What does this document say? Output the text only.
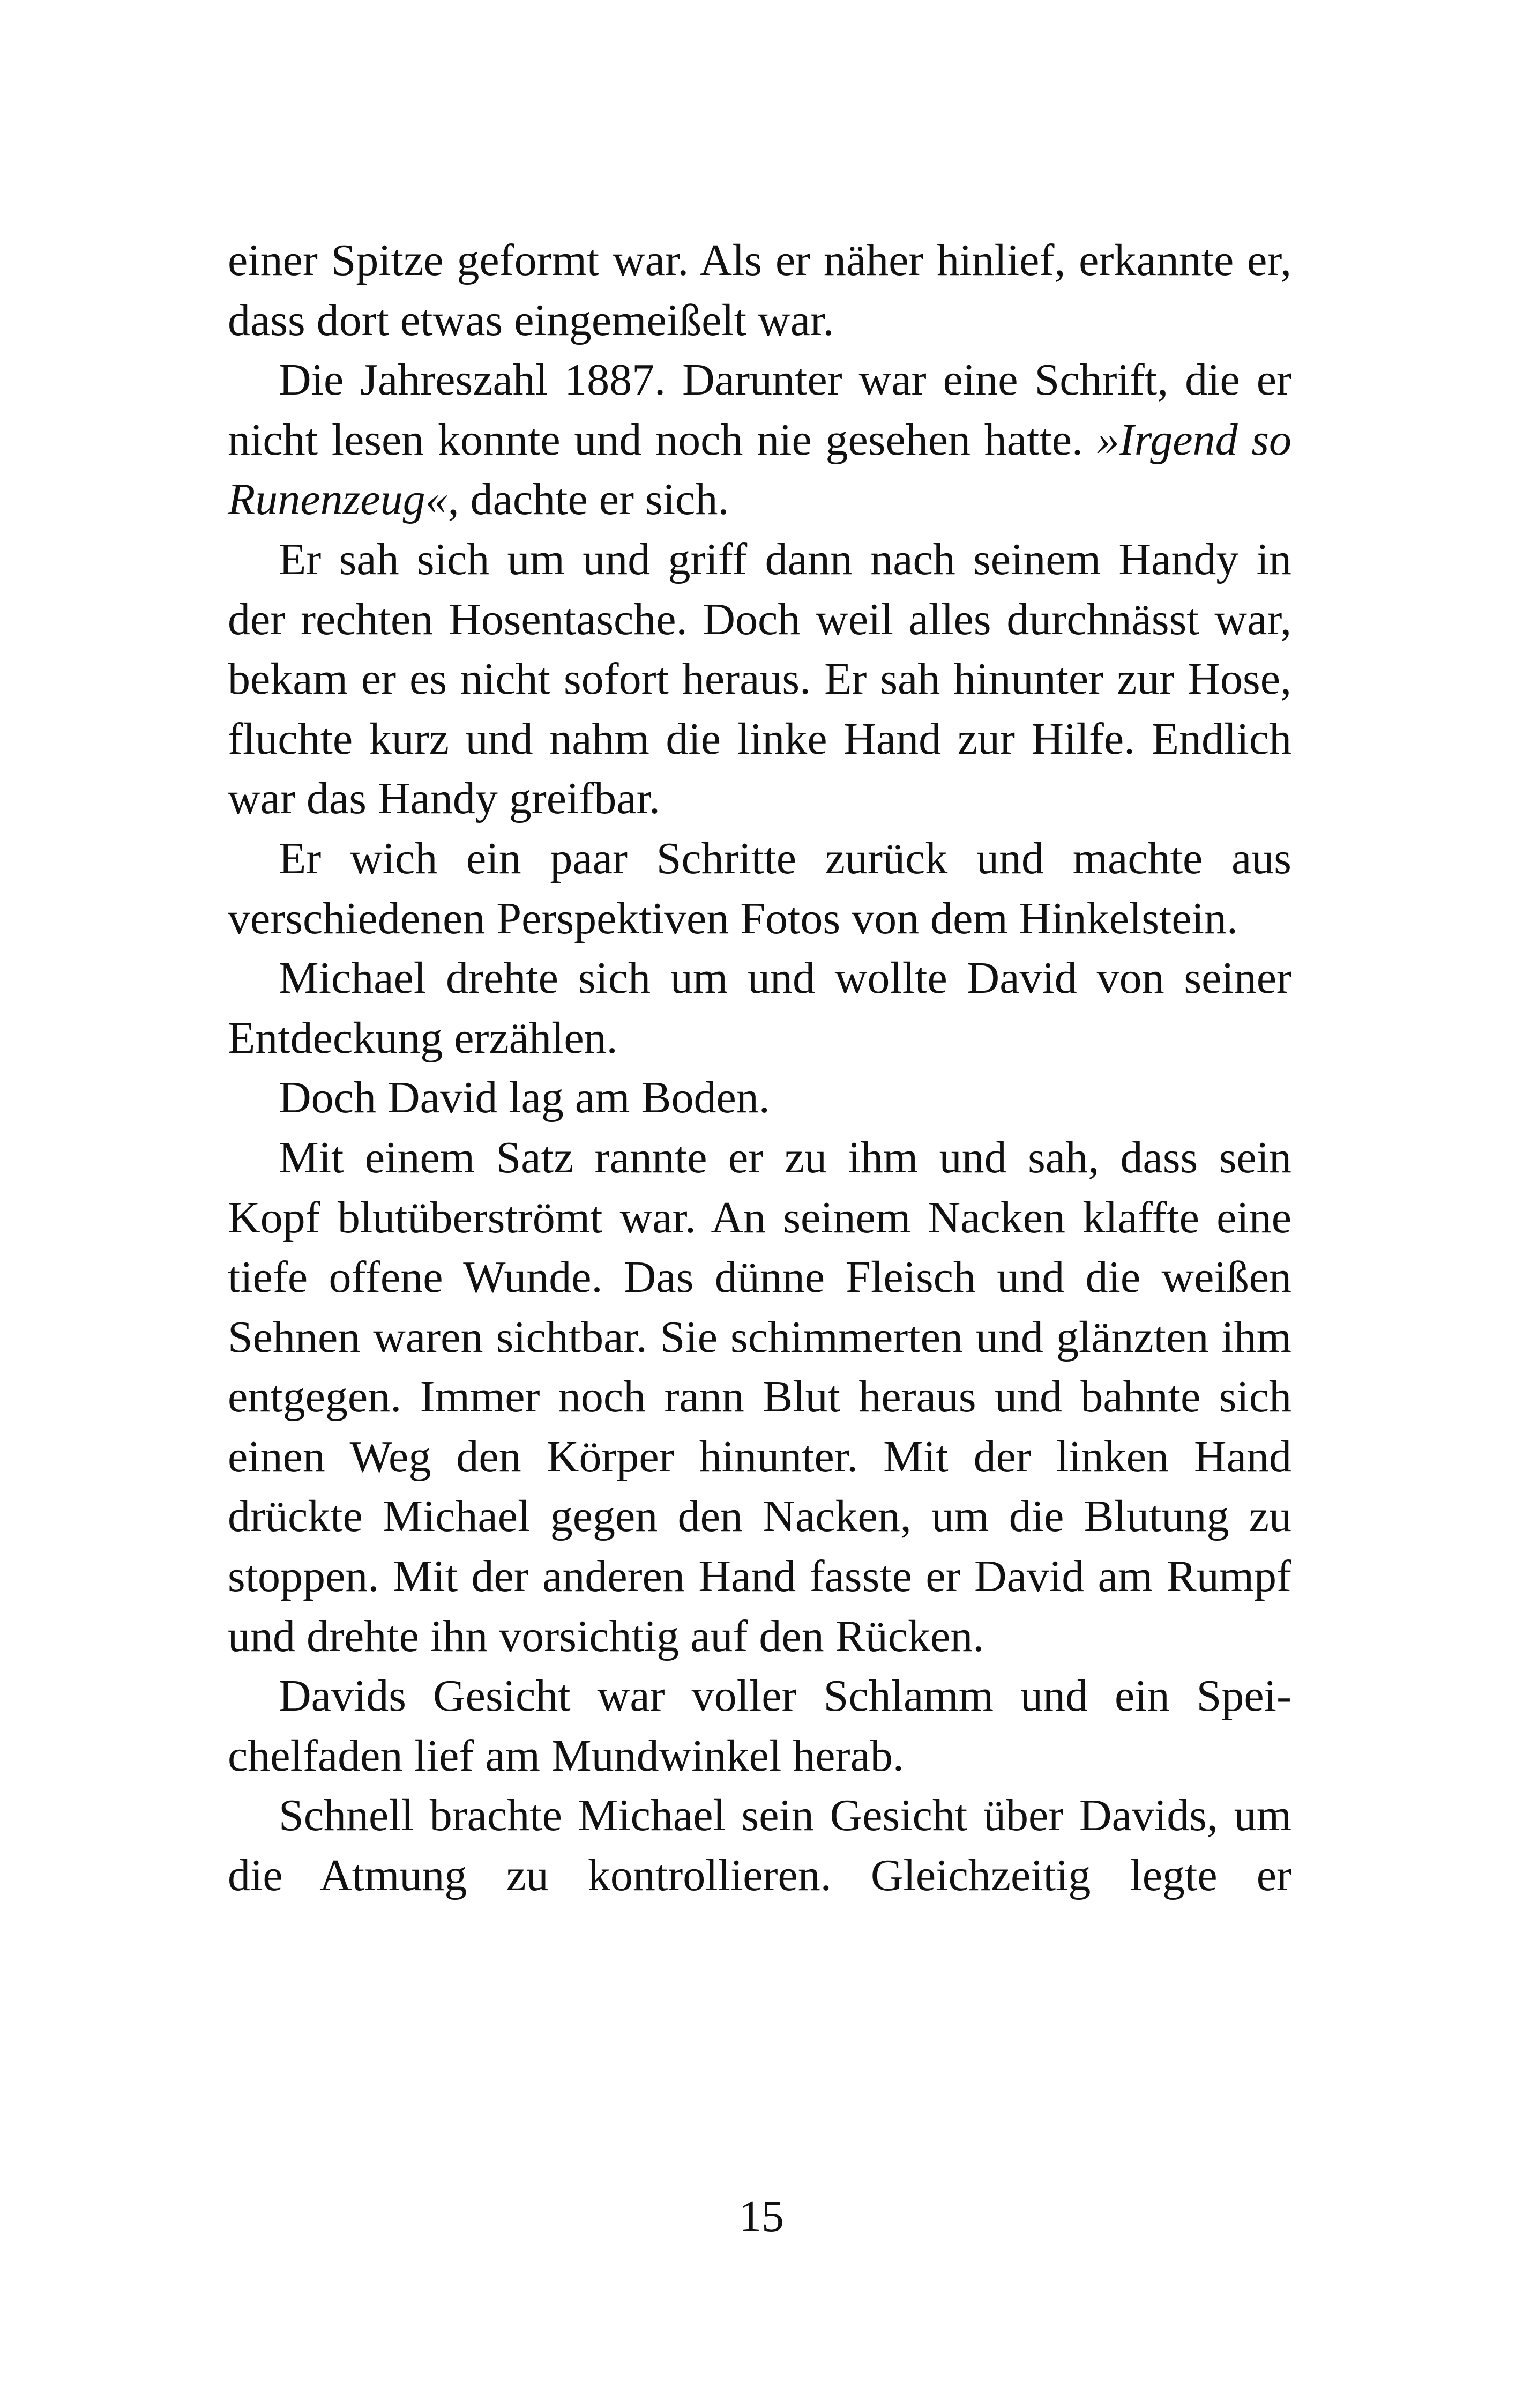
einer Spitze geformt war. Als er näher hinlief, erkannte er, dass dort etwas eingemeißelt war.

Die Jahreszahl 1887. Darunter war eine Schrift, die er nicht lesen konnte und noch nie gesehen hatte. »Irgend so Runenzeug«, dachte er sich.

Er sah sich um und griff dann nach seinem Handy in der rechten Hosentasche. Doch weil alles durchnässt war, bekam er es nicht sofort heraus. Er sah hinunter zur Hose, fluchte kurz und nahm die linke Hand zur Hilfe. Endlich war das Handy greifbar.

Er wich ein paar Schritte zurück und machte aus verschiedenen Perspektiven Fotos von dem Hinkelstein.

Michael drehte sich um und wollte David von seiner Entdeckung erzählen.

Doch David lag am Boden.

Mit einem Satz rannte er zu ihm und sah, dass sein Kopf blutüberströmt war. An seinem Nacken klaffte eine tiefe offene Wunde. Das dünne Fleisch und die weißen Sehnen waren sichtbar. Sie schimmerten und glänzten ihm entgegen. Immer noch rann Blut heraus und bahnte sich einen Weg den Körper hinunter. Mit der linken Hand drückte Michael gegen den Nacken, um die Blutung zu stoppen. Mit der anderen Hand fasste er David am Rumpf und drehte ihn vorsichtig auf den Rücken.

Davids Gesicht war voller Schlamm und ein Speichelfaden lief am Mundwinkel herab.

Schnell brachte Michael sein Gesicht über Davids, um die Atmung zu kontrollieren. Gleichzeitig legte er

15
